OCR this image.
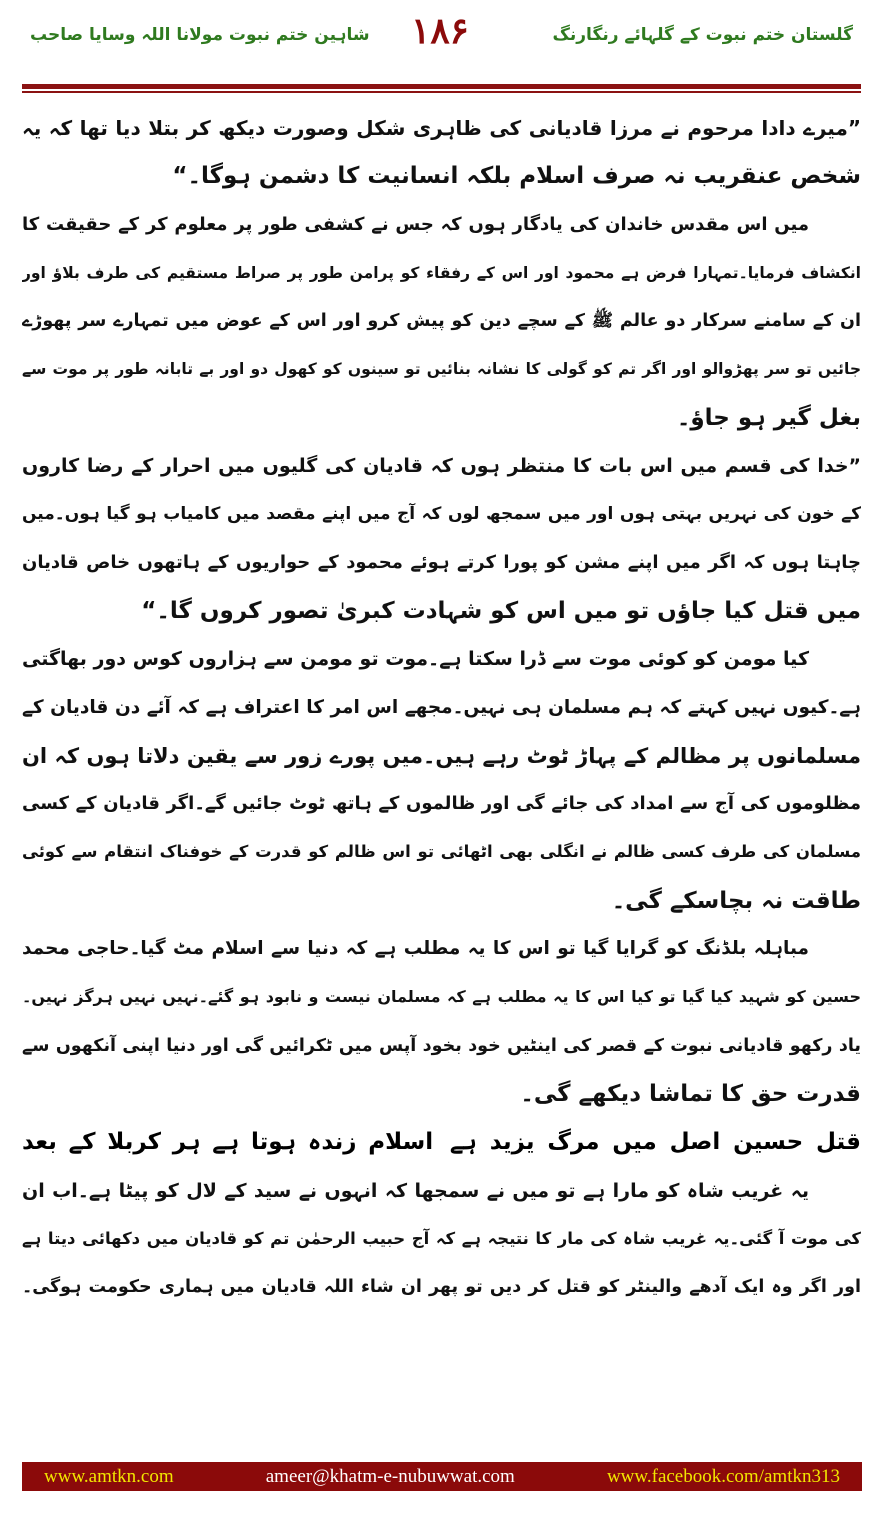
شاہین ختم نبوت مولانا اللہ وسایا صاحب ۱۸۶	گلستان ختم نبوت کے گلہائے رنگارنگ
”میرے دادا مرحوم نے مرزا قادیانی کی ظاہری شکل وصورت دیکھ کر بتلا دیا تھا کہ یہ
شخص عنقریب نہ صرف اسلام بلکہ انسانیت کا دشمن ہوگا۔“
میں اس مقدس خاندان کی یادگار ہوں کہ جس نے کشفی طور پر معلوم کر کے حقیقت کا
انکشاف فرمایا۔تمہارا فرض ہے محمود اور اس کے رفقاء کو پرامن طور پر صراط مستقیم کی طرف بلاؤ اور
ان کے سامنے سرکار دو عالم ﷺ کے سچے دین کو پیش کرو اور اس کے عوض میں تمہارے سر پھوڑے
جائیں تو سر پھڑوالو اور اگر تم کو گولی کا نشانہ بنائیں تو سینوں کو کھول دو اور بے تابانہ طور پر موت سے
بغل گیر ہو جاؤ۔
”خدا کی قسم میں اس بات کا منتظر ہوں کہ قادیان کی گلیوں میں احرار کے رضا کاروں
کے خون کی نہریں بہتی ہوں اور میں سمجھ لوں کہ آج میں اپنے مقصد میں کامیاب ہو گیا ہوں۔میں
چاہتا ہوں کہ اگر میں اپنے مشن کو پورا کرتے ہوئے محمود کے حواریوں کے ہاتھوں خاص قادیان
میں قتل کیا جاؤں تو میں اس کو شہادت کبریٰ تصور کروں گا۔“
کیا مومن کو کوئی موت سے ڈرا سکتا ہے۔موت تو مومن سے ہزاروں کوس دور بھاگتی
ہے۔کیوں نہیں کہتے کہ ہم مسلمان ہی نہیں۔مجھے اس امر کا اعتراف ہے کہ آئے دن قادیان کے
مسلمانوں پر مظالم کے پہاڑ ٹوٹ رہے ہیں۔میں پورے زور سے یقین دلاتا ہوں کہ ان
مظلوموں کی آج سے امداد کی جائے گی اور ظالموں کے ہاتھ ٹوٹ جائیں گے۔اگر قادیان کے کسی
مسلمان کی طرف کسی ظالم نے انگلی بھی اٹھائی تو اس ظالم کو قدرت کے خوفناک انتقام سے کوئی
طاقت نہ بچاسکے گی۔
مباہلہ بلڈنگ کو گرایا گیا تو اس کا یہ مطلب ہے کہ دنیا سے اسلام مٹ گیا۔حاجی محمد
حسین کو شہید کیا گیا تو کیا اس کا یہ مطلب ہے کہ مسلمان نیست و نابود ہو گئے۔نہیں نہیں ہرگز نہیں۔
یاد رکھو قادیانی نبوت کے قصر کی اینٹیں خود بخود آپس میں ٹکرائیں گی اور دنیا اپنی آنکھوں سے
قدرت حق کا تماشا دیکھے گی۔
قتل حسین اصل میں مرگ یزید ہے
اسلام زندہ ہوتا ہے ہر کربلا کے بعد
یہ غریب شاہ کو مارا ہے تو میں نے سمجھا کہ انہوں نے سید کے لال کو پیٹا ہے۔اب ان
کی موت آ گئی۔یہ غریب شاہ کی مار کا نتیجہ ہے کہ آج حبیب الرحمٰن تم کو قادیان میں دکھائی دیتا ہے
اور اگر وہ ایک آدھے والینٹر کو قتل کر دیں تو پھر ان شاء اللہ قادیان میں ہماری حکومت ہوگی۔
www.amtkn.com	ameer@khatm-e-nubuwwat.com	www.facebook.com/amtkn313
